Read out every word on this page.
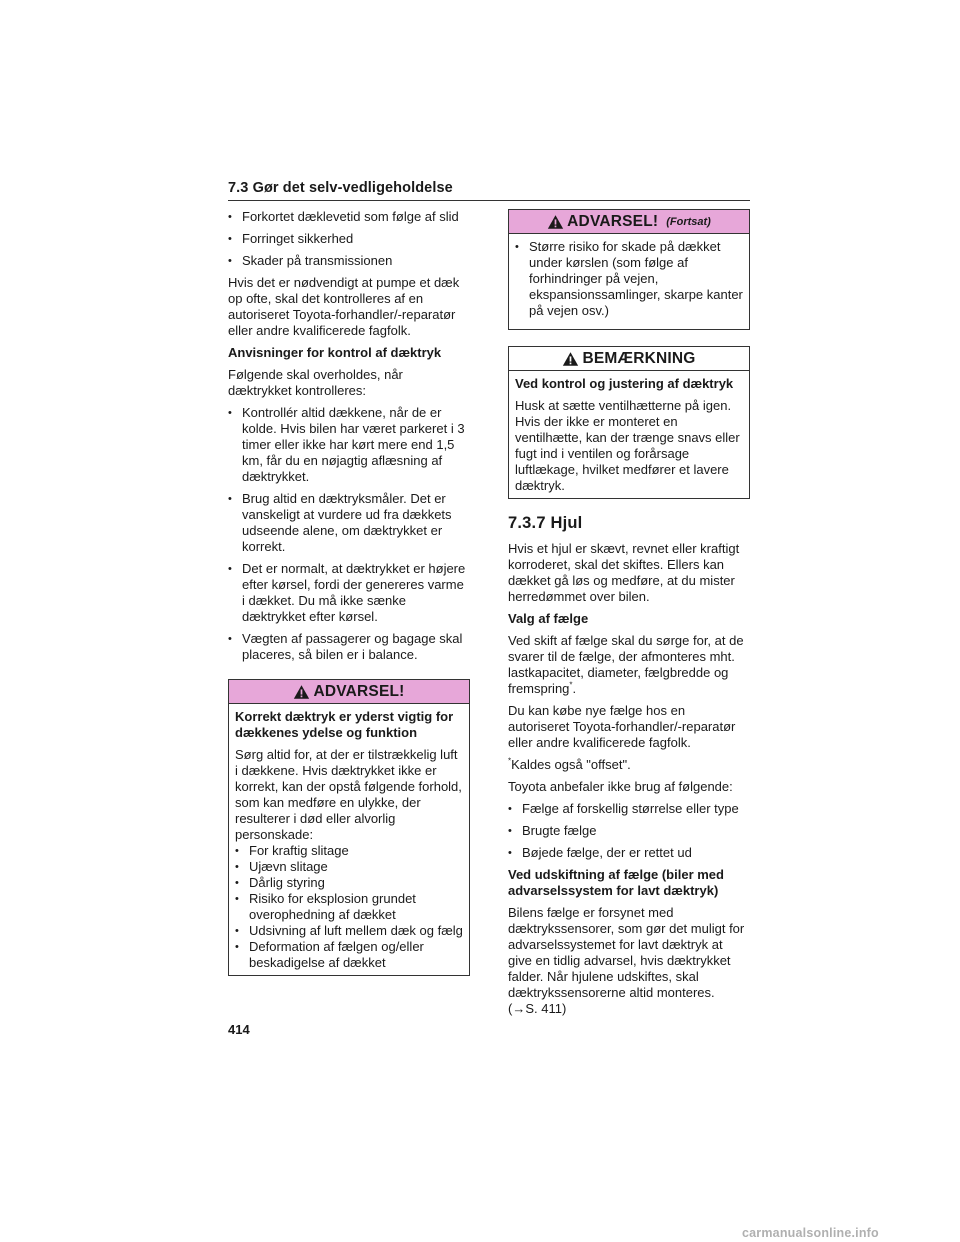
7.3 Gør det selv-vedligeholdelse
• Forkortet dæklevetid som følge af slid
• Forringet sikkerhed
• Skader på transmissionen

Hvis det er nødvendigt at pumpe et dæk op ofte, skal det kontrolleres af en autoriseret Toyota-forhandler/-reparatør eller andre kvalificerede fagfolk.

Anvisninger for kontrol af dæktryk

Følgende skal overholdes, når dæktrykket kontrolleres:

• Kontrollér altid dækkene, når de er kolde. Hvis bilen har været parkeret i 3 timer eller ikke har kørt mere end 1,5 km, får du en nøjagtig aflæsning af dæktrykket.
• Brug altid en dæktryksmåler. Det er vanskeligt at vurdere ud fra dækkets udseende alene, om dæktrykket er korrekt.
• Det er normalt, at dæktrykket er højere efter kørsel, fordi der genereres varme i dækket. Du må ikke sænke dæktrykket efter kørsel.
• Vægten af passagerer og bagage skal placeres, så bilen er i balance.
ADVARSEL!

Korrekt dæktryk er yderst vigtig for dækkenes ydelse og funktion

Sørg altid for, at der er tilstrækkelig luft i dækkene. Hvis dæktrykket ikke er korrekt, kan der opstå følgende forhold, som kan medføre en ulykke, der resulterer i død eller alvorlig personskade:

• For kraftig slitage
• Ujævn slitage
• Dårlig styring
• Risiko for eksplosion grundet overophedning af dækket
• Udsivning af luft mellem dæk og fælg
• Deformation af fælgen og/eller beskadigelse af dækket
ADVARSEL! (Fortsat)
• Større risiko for skade på dækket under kørslen (som følge af forhindringer på vejen, ekspansionssamlinger, skarpe kanter på vejen osv.)
BEMÆRKNING

Ved kontrol og justering af dæktryk

Husk at sætte ventilhætterne på igen. Hvis der ikke er monteret en ventilhætte, kan der trænge snavs eller fugt ind i ventilen og forårsage luftlækage, hvilket medfører et lavere dæktryk.

7.3.7 Hjul

Hvis et hjul er skævt, revnet eller kraftigt korroderet, skal det skiftes. Ellers kan dækket gå løs og medføre, at du mister herredømmet over bilen.

Valg af fælge

Ved skift af fælge skal du sørge for, at de svarer til de fælge, der afmonteres mht. lastkapacitet, diameter, fælgbredde og fremspring*.

Du kan købe nye fælge hos en autoriseret Toyota-forhandler/-reparatør eller andre kvalificerede fagfolk.

*Kaldes også "offset".

Toyota anbefaler ikke brug af følgende:

• Fælge af forskellig størrelse eller type
• Brugte fælge
• Bøjede fælge, der er rettet ud

Ved udskiftning af fælge (biler med advarselssystem for lavt dæktryk)

Bilens fælge er forsynet med dæktrykssensorer, som gør det muligt for advarselssystemet for lavt dæktryk at give en tidlig advarsel, hvis dæktrykket falder. Når hjulene udskiftes, skal dæktrykssensorerne altid monteres.

(→S. 411)

414
carmanualsonline.info
